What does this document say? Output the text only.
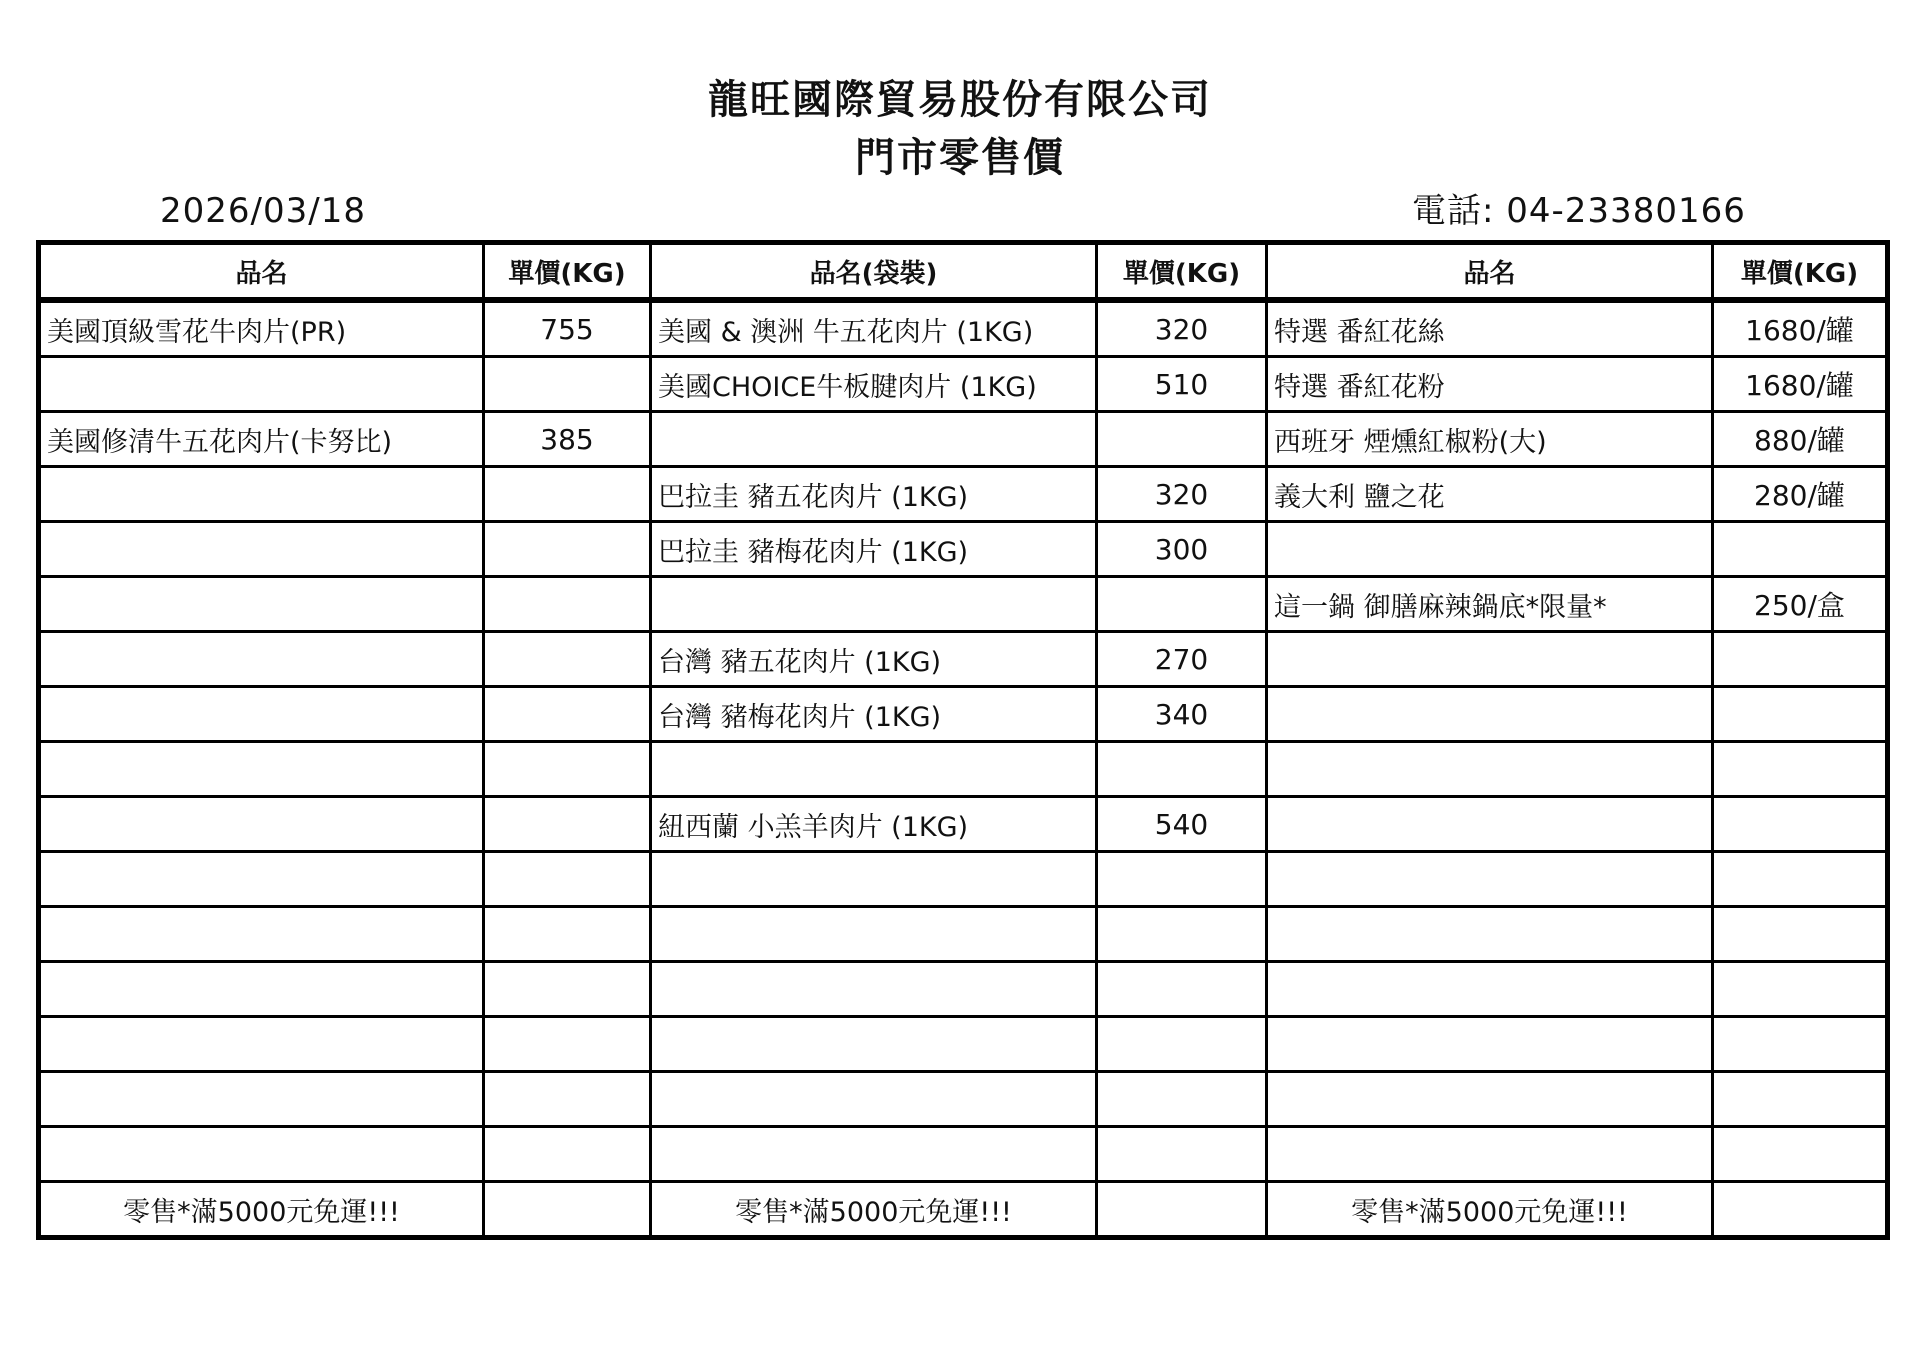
龍旺國際貿易股份有限公司
門市零售價
2026/03/18	電話: 04-23380166
品名	單價(KG)	品名(袋裝)	單價(KG)	品名	單價(KG)
美國頂級雪花牛肉片(PR)	755	美國 & 澳洲 牛五花肉片 (1KG)	320	特選 番紅花絲	1680/罐
		美國CHOICE牛板腱肉片 (1KG)	510	特選 番紅花粉	1680/罐
美國修清牛五花肉片(卡努比)	385			西班牙 煙燻紅椒粉(大)	880/罐
		巴拉圭 豬五花肉片 (1KG)	320	義大利 鹽之花	280/罐
		巴拉圭 豬梅花肉片 (1KG)	300		
				這一鍋 御膳麻辣鍋底*限量*	250/盒
		台灣 豬五花肉片 (1KG)	270		
		台灣 豬梅花肉片 (1KG)	340		

		紐西蘭 小羔羊肉片 (1KG)	540		

零售*滿5000元免運!!!		零售*滿5000元免運!!!		零售*滿5000元免運!!!	
